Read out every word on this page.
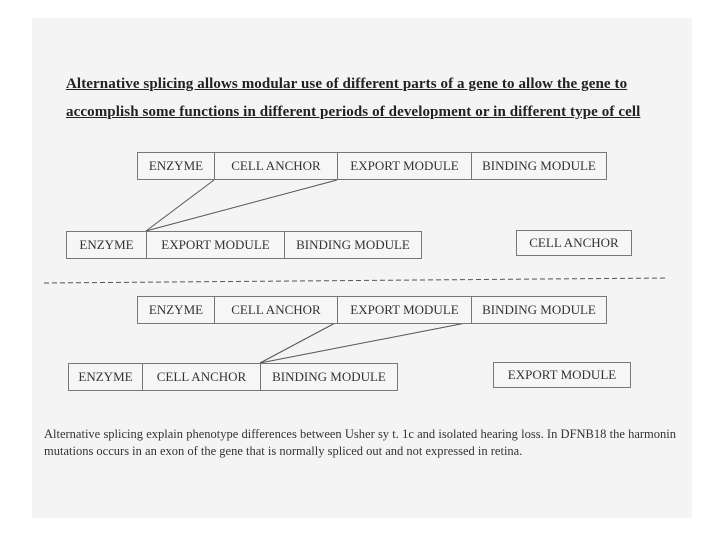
Alternative splicing allows modular use of different parts of a gene to allow the gene to
accomplish some functions in different periods of development or in different type of cell
ENZYME	CELL ANCHOR	EXPORT MODULE	BINDING MODULE
ENZYME	EXPORT MODULE	BINDING MODULE	CELL ANCHOR
ENZYME	CELL ANCHOR	EXPORT MODULE	BINDING MODULE
ENZYME	CELL ANCHOR	BINDING MODULE	EXPORT MODULE
Alternative splicing explain phenotype differences between Usher sy t. 1c and isolated hearing loss. In DFNB18 the harmonin mutations occurs in an exon of the gene that is normally spliced out and not expressed in retina.
